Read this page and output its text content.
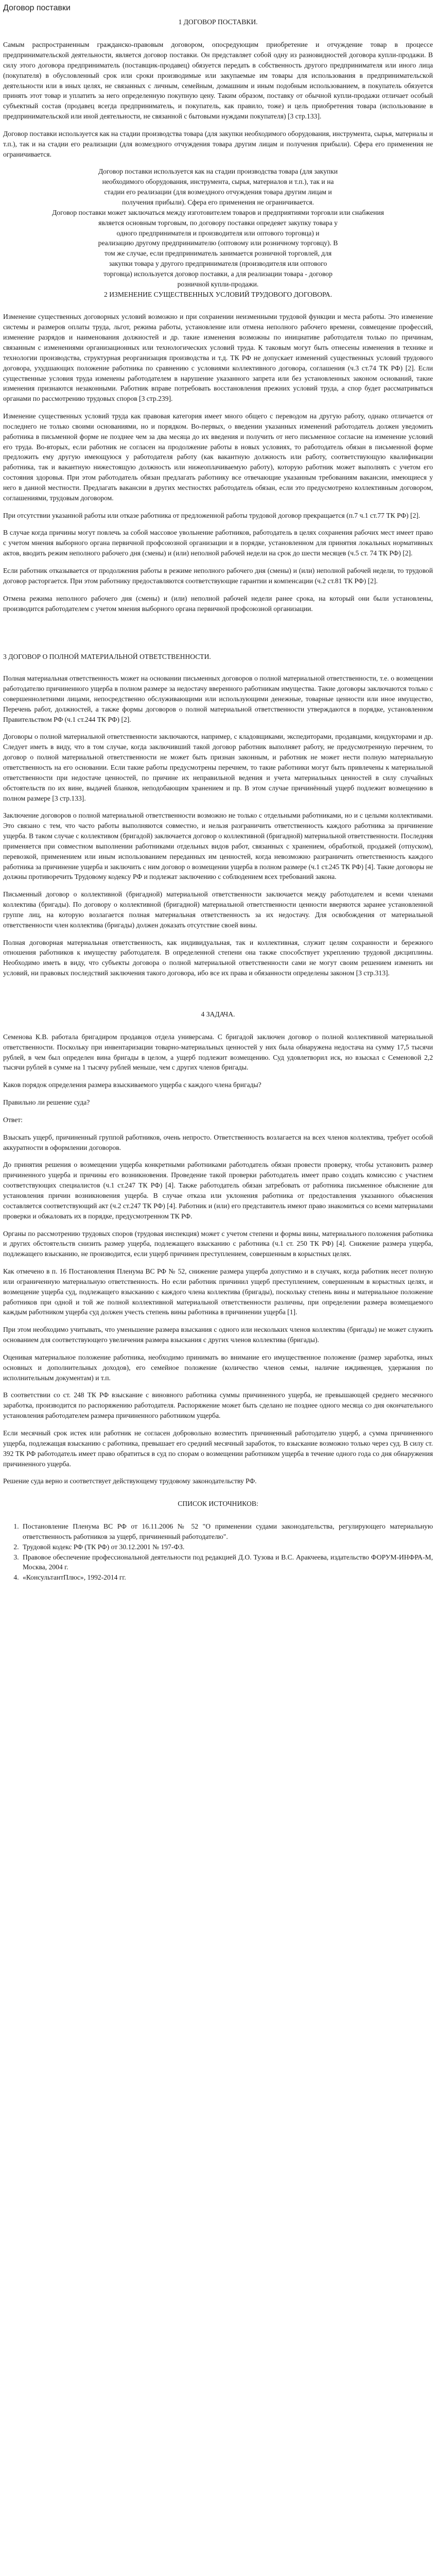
Договор поставки
1 ДОГОВОР ПОСТАВКИ.

Самым распространенным гражданско-правовым договором, опосредующим приобретение и отчуждение товар в процессе предпринимательской деятельности, является договор поставки. Он представляет собой одну из разновидностей договора купли-продажи. В силу этого договора предприниматель (поставщик-продавец) обязуется передать в собственность другого предпринимателя или иного лица (покупателя) в обусловленный срок или сроки производимые или закупаемые им товары для использования в предпринимательской деятельности или в иных целях, не связанных с личным, семейным, домашним и иным подобным использованием, в покупатель обязуется принять этот товар и уплатить за него определенную покупную цену. Таким образом, поставку от обычной купли-продажи отличает особый субъектный состав (продавец всегда предприниматель, и покупатель, как правило, тоже) и цель приобретения товара (использование в предпринимательской или иной деятельности, не связанной с бытовыми нуждами покупателя) [3 стр.133].

Договор поставки используется как на стадии производства товара (для закупки необходимого оборудования, инструмента, сырья, материалы и т.п.), так и на стадии его реализации (для возмездного отчуждения товара другим лицам и получения прибыли). Сфера его применения не ограничивается.

Договор поставки используется как на стадии производства товара (для закупки
необходимого оборудования, инструмента, сырья, материалов и т.п.), так и на
стадии его реализации (для возмездного отчуждения товара другим лицам и
получения прибыли). Сфера его применения не ограничивается.
Договор поставки может заключаться между изготовителем товаров и предприятиями торговли или снабжения
является основным торговым, по договору поставки опредеяет закупку товара у
одного предпринимателя и производителя или оптового торговца) и
реализацию другому предпринимателю (оптовому или розничному торговцу). В
том же случае, если предприниматель занимается розничной торговлей, для
закупки товара у другого предпринимателя (производителя или оптового
торговца) используется договор поставки, а для реализации товара - договор
розничной купли-продажи.
2 ИЗМЕНЕНИЕ СУЩЕСТВЕННЫХ УСЛОВИЙ ТРУДОВОГО ДОГОВОРА.

Изменение существенных договорных условий возможно и при сохранении неизменными трудовой функции и места работы. Это изменение системы и размеров оплаты труда, льгот, режима работы, установление или отмена неполного рабочего времени, совмещение профессий, изменение разрядов и наименования должностей и др. такие изменения возможны по инициативе работодателя только по причинам, связанным с изменениями организационных или технологических условий труда. К таковым могут быть отнесены изменения в технике и технологии производства, структурная реорганизация производства и т.д. ТК РФ не допускает изменений существенных условий трудового договора, ухудшающих положение работника по сравнению с условиями коллективного договора, соглашения (ч.3 ст.74 ТК РФ) [2]. Если существенные условия труда изменены работодателем в нарушение указанного запрета или без установленных законом оснований, такие изменения признаются незаконными. Работник вправе потребовать восстановления прежних условий труда, а спор будет рассматриваться органами по рассмотрению трудовых споров [3 стр.239].

Изменение существенных условий труда как правовая категория имеет много общего с переводом на другую работу, однако отличается от последнего не только своими основаниями, но и порядком. Во-первых, о введении указанных изменений работодатель должен уведомить работника в письменной форме не позднее чем за два месяца до их введения и получить от него письменное согласие на изменение условий его труда. Во-вторых, если работник не согласен на продолжение работы в новых условиях, то работодатель обязан в письменной форме предложить ему другую имеющуюся у работодателя работу (как вакантную должность или работу, соответствующую квалификации работника, так и вакантную нижестоящую должность или нижеоплачиваемую работу), которую работник может выполнять с учетом его состояния здоровья. При этом работодатель обязан предлагать работнику все отвечающие указанным требованиям вакансии, имеющиеся у него в данной местности. Предлагать вакансии в других местностях работодатель обязан, если это предусмотрено коллективным договором, соглашениями, трудовым договором.

При отсутствии указанной работы или отказе работника от предложенной работы трудовой договор прекращается (п.7 ч.1 ст.77 ТК РФ) [2].

В случае когда причины могут повлечь за собой массовое увольнение работников, работодатель в целях сохранения рабочих мест имеет право с учетом мнения выборного органа первичной профсоюзной организации и в порядке, установленном для принятия локальных нормативных актов, вводить режим неполного рабочего дня (смены) и (или) неполной рабочей недели на срок до шести месяцев (ч.5 ст. 74 ТК РФ) [2].

Если работник отказывается от продолжения работы в режиме неполного рабочего дня (смены) и (или) неполной рабочей недели, то трудовой договор расторгается. При этом работнику предоставляются соответствующие гарантии и компенсации (ч.2 ст.81 ТК РФ) [2].

Отмена режима неполного рабочего дня (смены) и (или) неполной рабочей недели ранее срока, на который они были установлены, производится работодателем с учетом мнения выборного органа первичной профсоюзной организации.

3 ДОГОВОР О ПОЛНОЙ МАТЕРИАЛЬНОЙ ОТВЕТСТВЕННОСТИ.

Полная материальная ответственность может на основании письменных договоров о полной материальной ответственности, т.е. о возмещении работодателю причиненного ущерба в полном размере за недостачу вверенного работникам имущества. Такие договоры заключаются только с совершеннолетними лицами, непосредственно обслуживающими или использующими денежные, товарные ценности или иное имущество, Перечень работ, должностей, а также формы договоров о полной материальной ответственности утверждаются в порядке, установленном Правительством РФ (ч.1 ст.244 ТК РФ) [2].

Договоры о полной материальной ответственности заключаются, например, с кладовщиками, экспедиторами, продавцами, кондукторами и др. Следует иметь в виду, что в том случае, когда заключивший такой договор работник выполняет работу, не предусмотренную перечнем, то договор о полной материальной ответственности не может быть признан законным, и работник не может нести полную материальную ответственность на его основании. Если такие работы предусмотрены перечнем, то такие работники могут быть привлечены к материальной ответственности при недостаче ценностей, по причине их неправильной ведения и учета материальных ценностей в силу случайных обстоятельств по их вине, выдачей бланков, неподобающим хранением и пр. В этом случае причинённый ущерб подлежит возмещению в полном размере [3 стр.133].

Заключение договоров о полной материальной ответственности возможно не только с отдельными работниками, но и с целыми коллективами. Это связано с тем, что часто работы выполняются совместно, и нельзя разграничить ответственность каждого работника за причинение ущерба. В таком случае с коллективом (бригадой) заключается договор о коллективной (бригадной) материальной ответственности. Последняя применяется при совместном выполнении работниками отдельных видов работ, связанных с хранением, обработкой, продажей (отпуском), перевозкой, применением или иным использованием переданных им ценностей, когда невозможно разграничить ответственность каждого работника за причинение ущерба и заключить с ним договор о возмещении ущерба в полном размере (ч.1 ст.245 ТК РФ) [4]. Такие договоры не должны противоречить Трудовому кодексу РФ и подлежат заключению с соблюдением всех требований закона.

Письменный договор о коллективной (бригадной) материальной ответственности заключается между работодателем и всеми членами коллектива (бригады). По договору о коллективной (бригадной) материальной ответственности ценности вверяются заранее установленной группе лиц, на которую возлагается полная материальная ответственность за их недостачу. Для освобождения от материальной ответственности член коллектива (бригады) должен доказать отсутствие своей вины.

Полная договорная материальная ответственность, как индивидуальная, так и коллективная, служит целям сохранности и бережного отношения работников к имуществу работодателя. В определенной степени она также способствует укреплению трудовой дисциплины. Необходимо иметь в виду, что субъекты договора о полной материальной ответственности сами не могут своим решением изменить ни условий, ни правовых последствий заключения такого договора, ибо все их права и обязанности определены законом [3 стр.313].

4 ЗАДАЧА.

Семенова К.В. работала бригадиром продавцов отдела универсама. С бригадой заключен договор о полной коллективной материальной ответственности. Поскольку при инвентаризации товарно-материальных ценностей у них была обнаружена недостача на сумму 17,5 тысячи рублей, в чем был определен вина бригады в целом, а ущерб подлежит возмещению. Суд удовлетворил иск, но взыскал с Семеновой 2,2 тысячи рублей в сумме на 1 тысячу рублей меньше, чем с других членов бригады.

Каков порядок определения размера взыскиваемого ущерба с каждого члена бригады?

Правильно ли решение суда?

Ответ:

Взыскать ущерб, причиненный группой работников, очень непросто. Ответственность возлагается на всех членов коллектива, требует особой аккуратности в оформлении договоров.

До принятия решения о возмещении ущерба конкретными работниками работодатель обязан провести проверку, чтобы установить размер причиненного ущерба и причины его возникновения. Проведение такой проверки работодатель имеет право создать комиссию с участием соответствующих специалистов (ч.1 ст.247 ТК РФ) [4]. Также работодатель обязан затребовать от работника письменное объяснение для установления причин возникновения ущерба. В случае отказа или уклонения работника от предоставления указанного объяснения составляется соответствующий акт (ч.2 ст.247 ТК РФ) [4]. Работник и (или) его представитель имеют право знакомиться со всеми материалами проверки и обжаловать их в порядке, предусмотренном ТК РФ.

Органы по рассмотрению трудовых споров (трудовая инспекция) может с учетом степени и формы вины, материального положения работника и других обстоятельств снизить размер ущерба, подлежащего взысканию с работника (ч.1 ст. 250 ТК РФ) [4]. Снижение размера ущерба, подлежащего взысканию, не производится, если ущерб причинен преступлением, совершенным в корыстных целях.

Как отмечено в п. 16 Постановления Пленума ВС РФ № 52, снижение размера ущерба допустимо и в случаях, когда работник несет полную или ограниченную материальную ответственность. Но если работник причинил ущерб преступлением, совершенным в корыстных целях, и возмещение ущерба суд, подлежащего взысканию с каждого члена коллектива (бригады), поскольку степень вины и материальное положение работников при одной и той же полной коллективной материальной ответственности различны, при определении размера возмещаемого каждым работником ущерба суд должен учесть степень вины работника в причинении ущерба [1].

При этом необходимо учитывать, что уменьшение размера взыскания с одного или нескольких членов коллектива (бригады) не может служить основанием для соответствующего увеличения размера взыскания с других членов коллектива (бригады).

Оценивая материальное положение работника, необходимо принимать во внимание его имущественное положение (размер заработка, иных основных и дополнительных доходов), его семейное положение (количество членов семьи, наличие иждивенцев, удержания по исполнительным документам) и т.п.

В соответствии со ст. 248 ТК РФ взыскание с виновного работника суммы причиненного ущерба, не превышающей среднего месячного заработка, производится по распоряжению работодателя. Распоряжение может быть сделано не позднее одного месяца со дня окончательного установления работодателем размера причиненного работником ущерба.

Если месячный срок истек или работник не согласен добровольно возместить причиненный работодателю ущерб, а сумма причиненного ущерба, подлежащая взысканию с работника, превышает его средний месячный заработок, то взыскание возможно только через суд. В силу ст. 392 ТК РФ работодатель имеет право обратиться в суд по спорам о возмещении работником ущерба в течение одного года со дня обнаружения причиненного ущерба.

Решение суда верно и соответствует действующему трудовому законодательству РФ.

СПИСОК ИСТОЧНИКОВ:
1. Постановление Пленума ВС РФ от 16.11.2006 № 52 "О применении судами законодательства, регулирующего материальную ответственность работников за ущерб, причиненный работодателю".
2. Трудовой кодекс РФ (ТК РФ) от 30.12.2001 № 197-ФЗ.
3. Правовое обеспечение профессиональной деятельности под редакцией Д.О. Тузова и В.С. Аракчеева, издательство ФОРУМ-ИНФРА-М, Москва, 2004 г.
4. «КонсультантПлюс», 1992-2014 гг.
